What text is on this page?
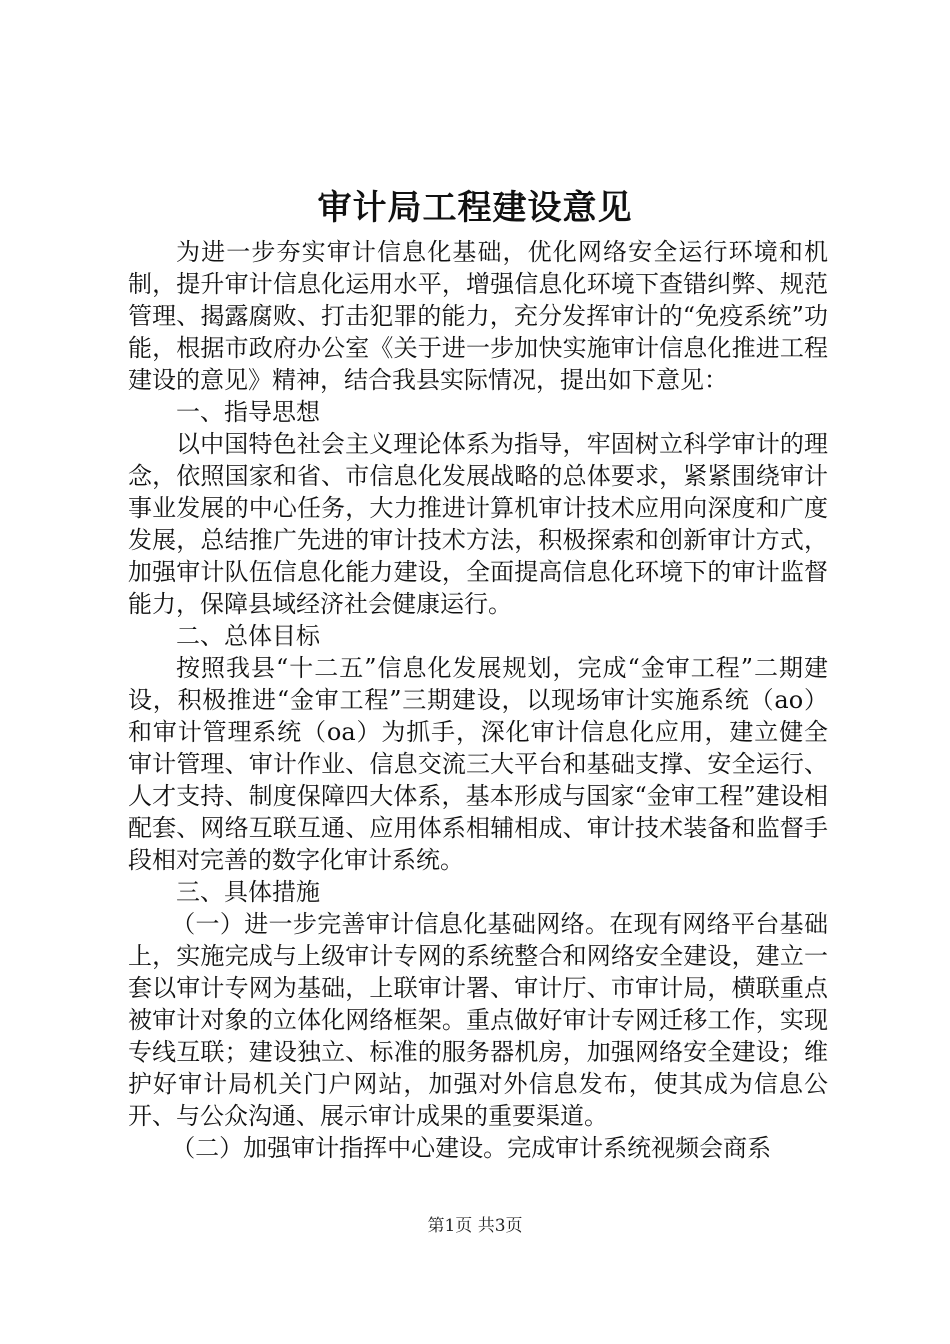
审计局工程建设意见

为进一步夯实审计信息化基础，优化网络安全运行环境和机制，提升审计信息化运用水平，增强信息化环境下查错纠弊、规范管理、揭露腐败、打击犯罪的能力，充分发挥审计的“免疫系统”功能，根据市政府办公室《关于进一步加快实施审计信息化推进工程建设的意见》精神，结合我县实际情况，提出如下意见：

一、指导思想

以中国特色社会主义理论体系为指导，牢固树立科学审计的理念，依照国家和省、市信息化发展战略的总体要求，紧紧围绕审计事业发展的中心任务，大力推进计算机审计技术应用向深度和广度发展，总结推广先进的审计技术方法，积极探索和创新审计方式，加强审计队伍信息化能力建设，全面提高信息化环境下的审计监督能力，保障县域经济社会健康运行。

二、总体目标

按照我县“十二五”信息化发展规划，完成“金审工程”二期建设，积极推进“金审工程”三期建设，以现场审计实施系统（ao）和审计管理系统（oa）为抓手，深化审计信息化应用，建立健全审计管理、审计作业、信息交流三大平台和基础支撑、安全运行、人才支持、制度保障四大体系，基本形成与国家“金审工程”建设相配套、网络互联互通、应用体系相辅相成、审计技术装备和监督手段相对完善的数字化审计系统。

三、具体措施

（一）进一步完善审计信息化基础网络。在现有网络平台基础上，实施完成与上级审计专网的系统整合和网络安全建设，建立一套以审计专网为基础，上联审计署、审计厅、市审计局，横联重点被审计对象的立体化网络框架。重点做好审计专网迁移工作，实现专线互联；建设独立、标准的服务器机房，加强网络安全建设；维护好审计局机关门户网站，加强对外信息发布，使其成为信息公开、与公众沟通、展示审计成果的重要渠道。

（二）加强审计指挥中心建设。完成审计系统视频会商系

第1页 共3页
